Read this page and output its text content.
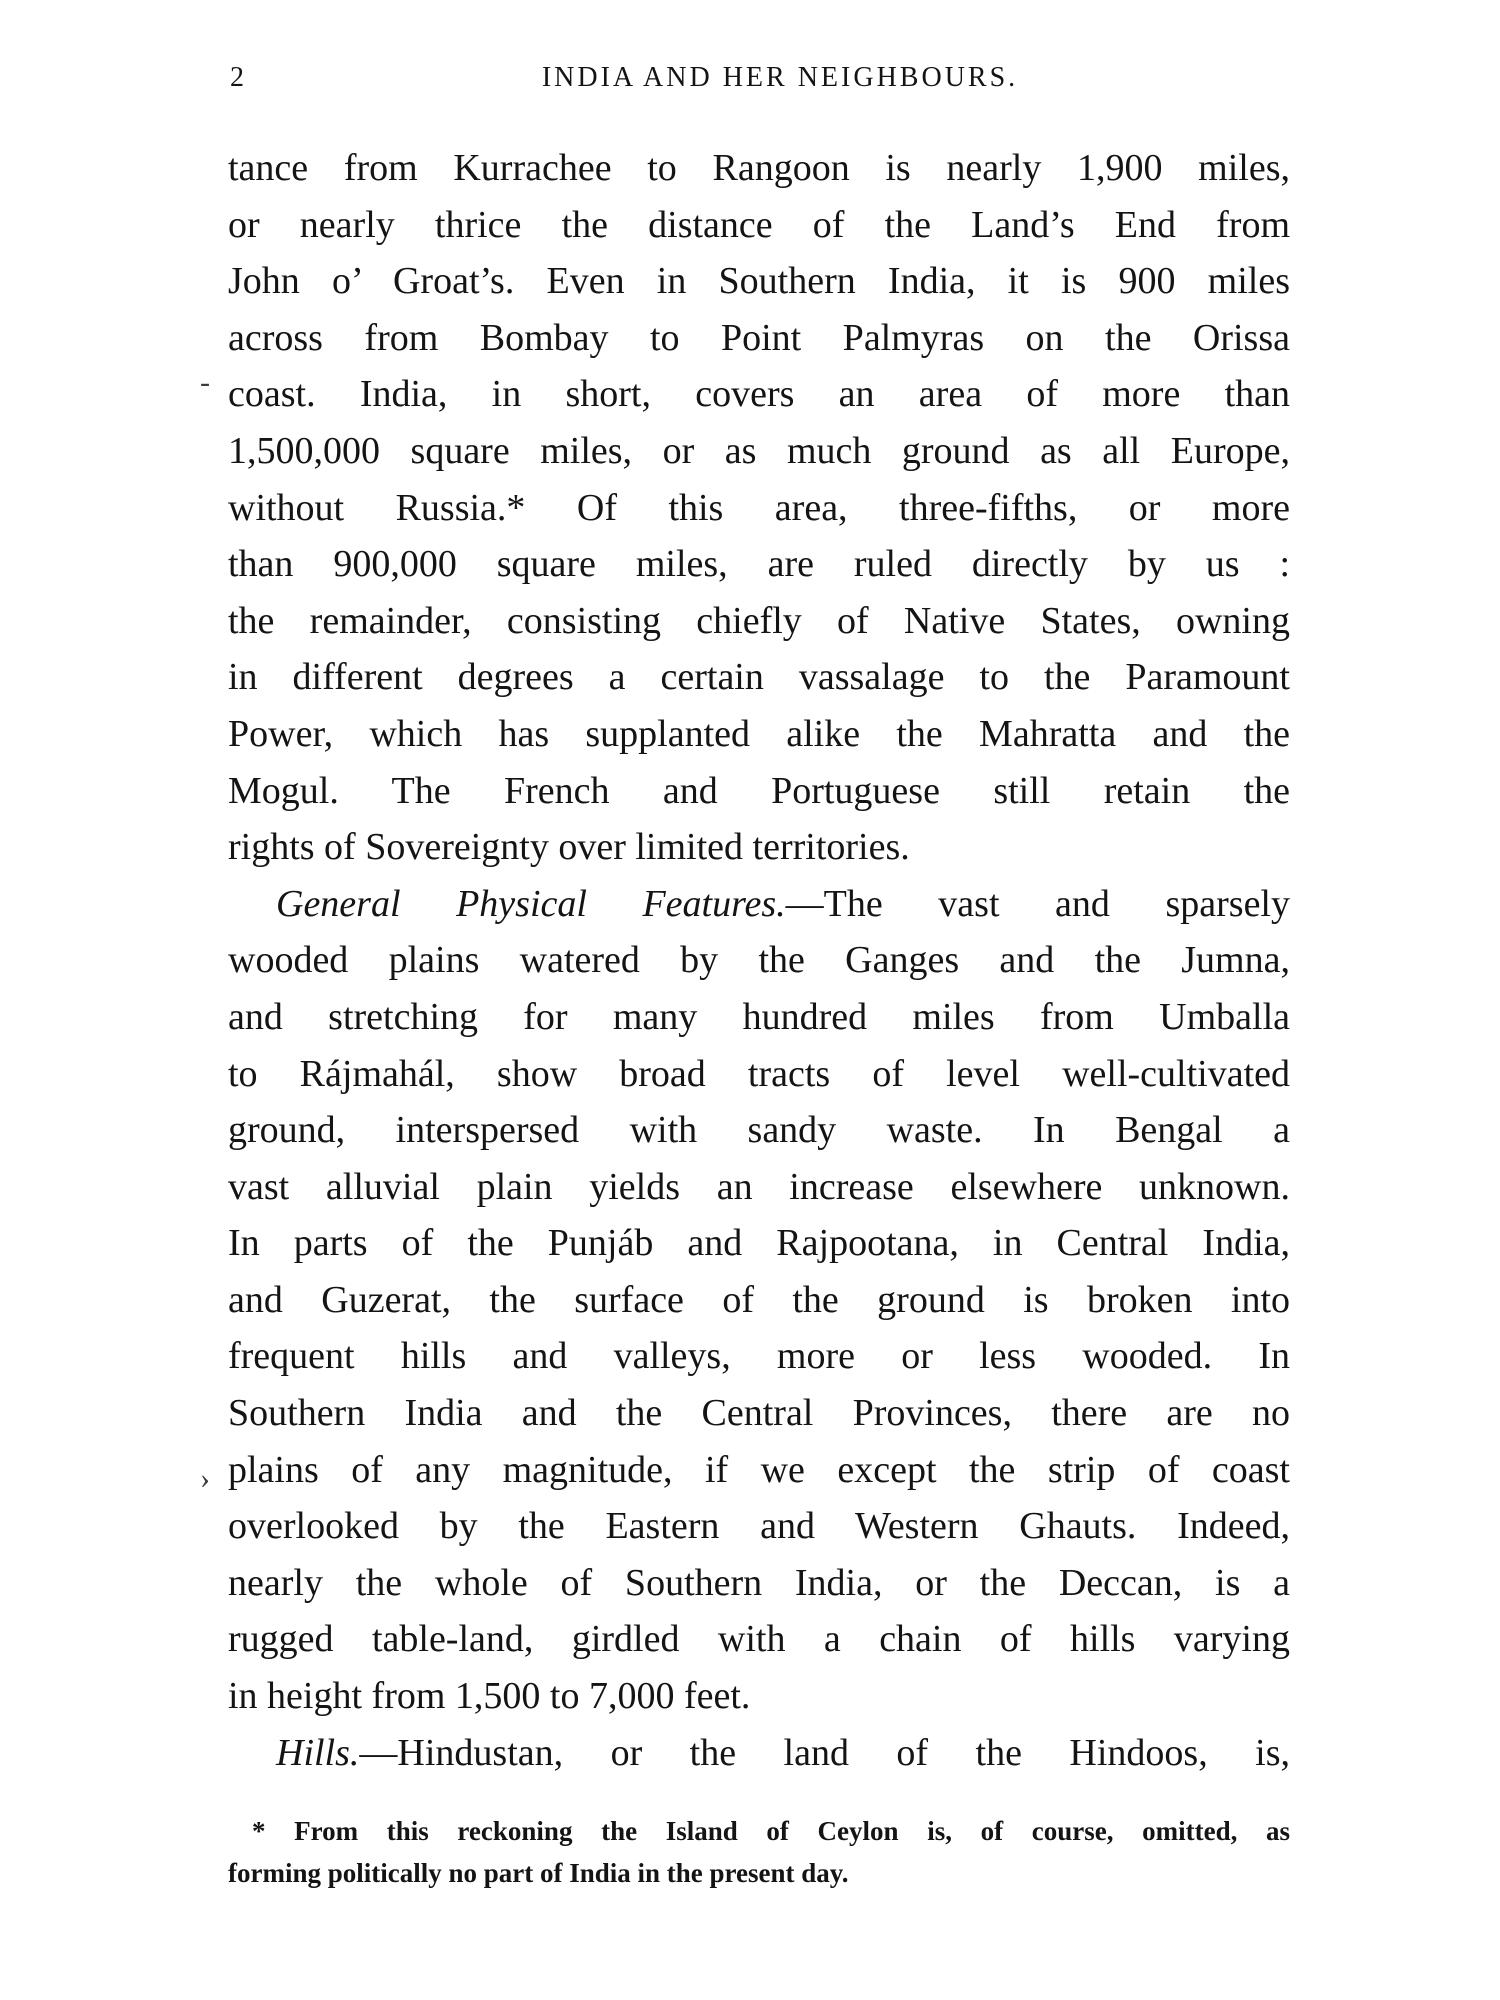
2	INDIA AND HER NEIGHBOURS.
-
›
tance from Kurrachee to Rangoon is nearly 1,900 miles,
or nearly thrice the distance of the Land’s End from
John o’ Groat’s. Even in Southern India, it is 900 miles
across from Bombay to Point Palmyras on the Orissa
coast. India, in short, covers an area of more than
1,500,000 square miles, or as much ground as all Europe,
without Russia.* Of this area, three-fifths, or more
than 900,000 square miles, are ruled directly by us :
the remainder, consisting chiefly of Native States, owning
in different degrees a certain vassalage to the Paramount
Power, which has supplanted alike the Mahratta and the
Mogul. The French and Portuguese still retain the
rights of Sovereignty over limited territories.
General Physical Features.—The vast and sparsely
wooded plains watered by the Ganges and the Jumna,
and stretching for many hundred miles from Umballa
to Rájmahál, show broad tracts of level well-cultivated
ground, interspersed with sandy waste. In Bengal a
vast alluvial plain yields an increase elsewhere unknown.
In parts of the Punjáb and Rajpootana, in Central India,
and Guzerat, the surface of the ground is broken into
frequent hills and valleys, more or less wooded. In
Southern India and the Central Provinces, there are no
plains of any magnitude, if we except the strip of coast
overlooked by the Eastern and Western Ghauts. Indeed,
nearly the whole of Southern India, or the Deccan, is a
rugged table-land, girdled with a chain of hills varying
in height from 1,500 to 7,000 feet.
Hills.—Hindustan, or the land of the Hindoos, is,
* From this reckoning the Island of Ceylon is, of course, omitted, as
forming politically no part of India in the present day.
